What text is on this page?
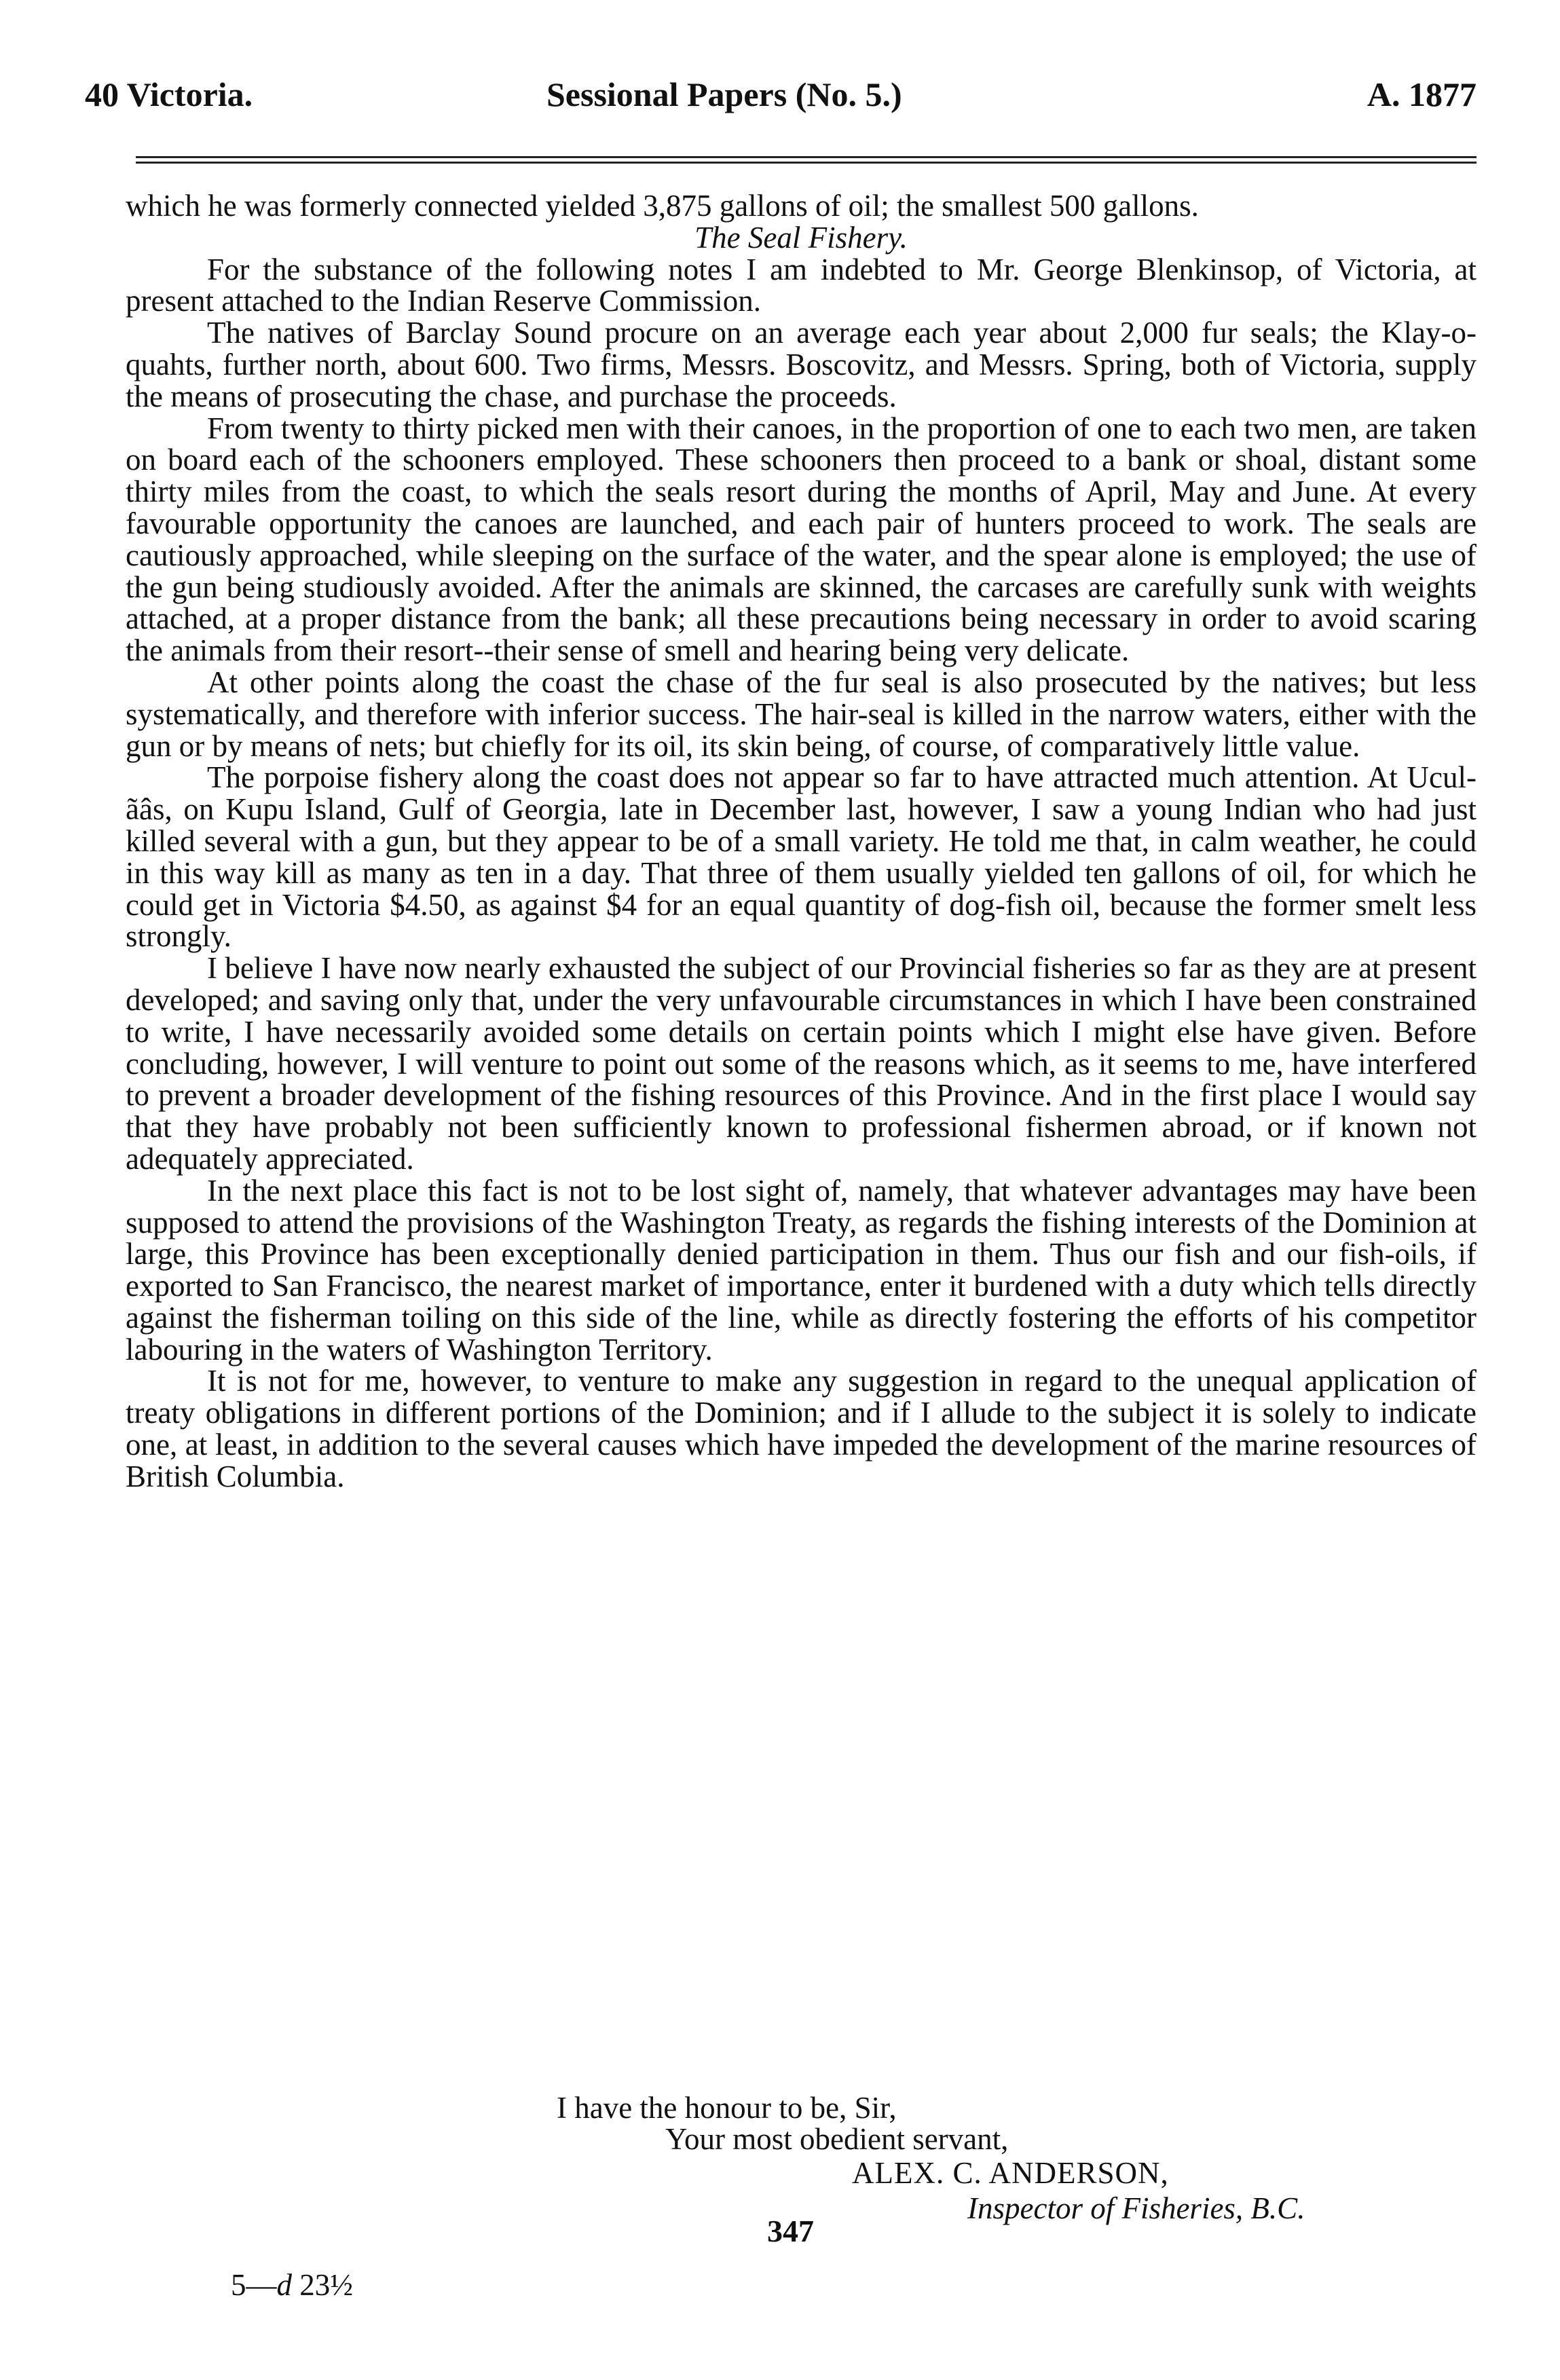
40 Victoria.	Sessional Papers (No. 5.)	A. 1877

which he was formerly connected yielded 3,875 gallons of oil; the smallest 500 gallons.

The Seal Fishery.

For the substance of the following notes I am indebted to Mr. George Blenkinsop, of Victoria, at present attached to the Indian Reserve Commission.

The natives of Barclay Sound procure on an average each year about 2,000 fur seals; the Klay-o-quahts, further north, about 600. Two firms, Messrs. Boscovitz, and Messrs. Spring, both of Victoria, supply the means of prosecuting the chase, and purchase the proceeds.

From twenty to thirty picked men with their canoes, in the proportion of one to each two men, are taken on board each of the schooners employed. These schooners then proceed to a bank or shoal, distant some thirty miles from the coast, to which the seals resort during the months of April, May and June. At every favourable opportunity the canoes are launched, and each pair of hunters proceed to work. The seals are cautiously approached, while sleeping on the surface of the water, and the spear alone is employed; the use of the gun being studiously avoided. After the animals are skinned, the carcases are carefully sunk with weights attached, at a proper distance from the bank; all these precautions being necessary in order to avoid scaring the animals from their resort--their sense of smell and hearing being very delicate.

At other points along the coast the chase of the fur seal is also prosecuted by the natives; but less systematically, and therefore with inferior success. The hair-seal is killed in the narrow waters, either with the gun or by means of nets; but chiefly for its oil, its skin being, of course, of comparatively little value.

The porpoise fishery along the coast does not appear so far to have attracted much attention. At Ucul-ãâs, on Kupu Island, Gulf of Georgia, late in December last, however, I saw a young Indian who had just killed several with a gun, but they appear to be of a small variety. He told me that, in calm weather, he could in this way kill as many as ten in a day. That three of them usually yielded ten gallons of oil, for which he could get in Victoria $4.50, as against $4 for an equal quantity of dog-fish oil, because the former smelt less strongly.

I believe I have now nearly exhausted the subject of our Provincial fisheries so far as they are at present developed; and saving only that, under the very unfavourable circumstances in which I have been constrained to write, I have necessarily avoided some details on certain points which I might else have given. Before concluding, however, I will venture to point out some of the reasons which, as it seems to me, have interfered to prevent a broader development of the fishing resources of this Province. And in the first place I would say that they have probably not been sufficiently known to professional fishermen abroad, or if known not adequately appreciated.

In the next place this fact is not to be lost sight of, namely, that whatever advantages may have been supposed to attend the provisions of the Washington Treaty, as regards the fishing interests of the Dominion at large, this Province has been exceptionally denied participation in them. Thus our fish and our fish-oils, if exported to San Francisco, the nearest market of importance, enter it burdened with a duty which tells directly against the fisherman toiling on this side of the line, while as directly fostering the efforts of his competitor labouring in the waters of Washington Territory.

It is not for me, however, to venture to make any suggestion in regard to the unequal application of treaty obligations in different portions of the Dominion; and if I allude to the subject it is solely to indicate one, at least, in addition to the several causes which have impeded the development of the marine resources of British Columbia.

I have the honour to be, Sir,
Your most obedient servant,
ALEX. C. ANDERSON,
Inspector of Fisheries, B.C.
347
5—d 23½
